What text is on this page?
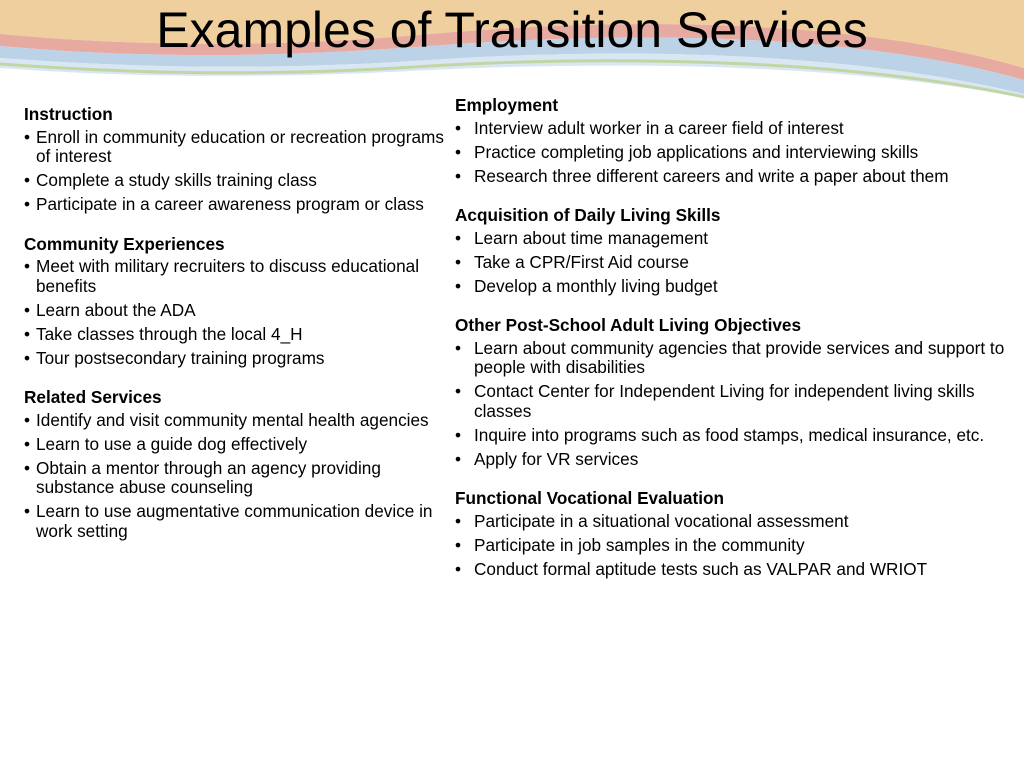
Examples of Transition Services
Instruction
• Enroll in community education or recreation programs of interest
• Complete a study skills training class
• Participate in a career awareness program or class
Community Experiences
• Meet with military recruiters to discuss educational benefits
• Learn about the ADA
• Take classes through the local 4_H
• Tour postsecondary training programs
Related Services
• Identify and visit community mental health agencies
• Learn to use a guide dog effectively
• Obtain a mentor through an agency providing substance abuse counseling
• Learn to use augmentative communication device in work setting
Employment
• Interview adult worker in a career field of interest
• Practice completing job applications and interviewing skills
• Research three different careers and write a paper about them
Acquisition of Daily Living Skills
• Learn about time management
• Take a CPR/First Aid course
• Develop a monthly living budget
Other Post-School Adult Living Objectives
• Learn about community agencies that provide services and support to people with disabilities
• Contact Center for Independent Living for independent living skills classes
• Inquire into programs such as food stamps, medical insurance, etc.
• Apply for VR services
Functional Vocational Evaluation
• Participate in a situational vocational assessment
• Participate in job samples in the community
• Conduct formal aptitude tests such as VALPAR and WRIOT
